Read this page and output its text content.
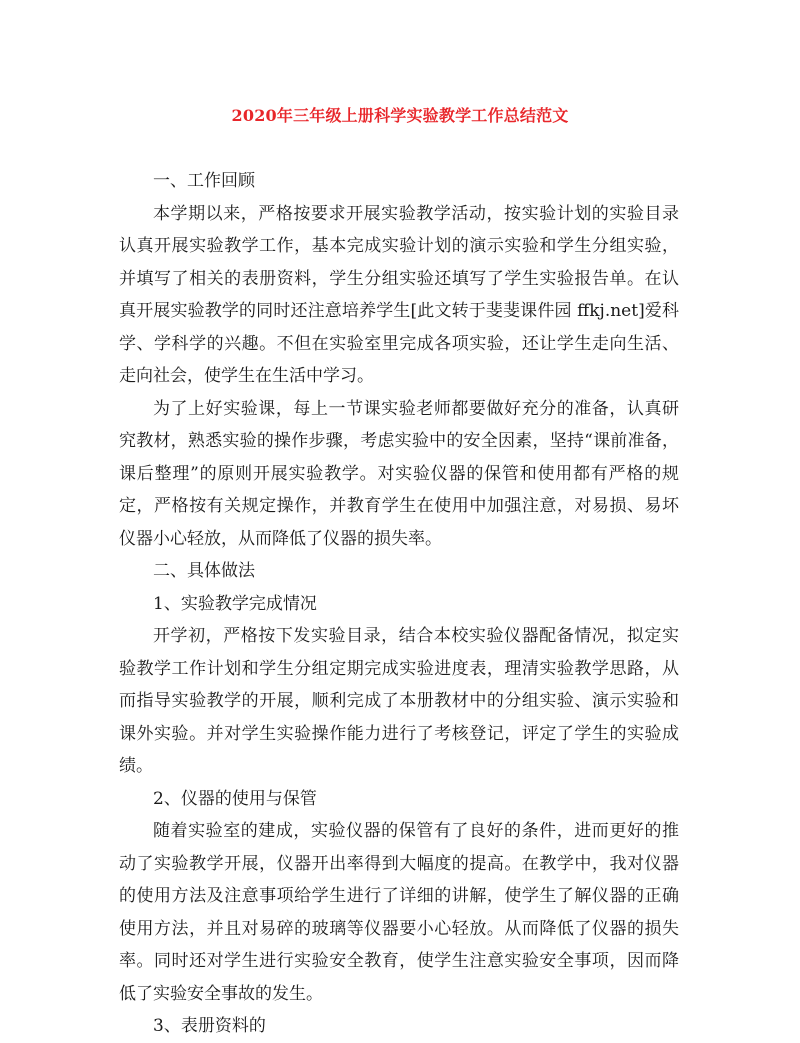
2020年三年级上册科学实验教学工作总结范文

一、工作回顾

本学期以来，严格按要求开展实验教学活动，按实验计划的实验目录认真开展实验教学工作，基本完成实验计划的演示实验和学生分组实验，并填写了相关的表册资料，学生分组实验还填写了学生实验报告单。在认真开展实验教学的同时还注意培养学生[此文转于斐斐课件园 ffkj.net]爱科学、学科学的兴趣。不但在实验室里完成各项实验，还让学生走向生活、走向社会，使学生在生活中学习。

为了上好实验课，每上一节课实验老师都要做好充分的准备，认真研究教材，熟悉实验的操作步骤，考虑实验中的安全因素，坚持“课前准备，课后整理”的原则开展实验教学。对实验仪器的保管和使用都有严格的规定，严格按有关规定操作，并教育学生在使用中加强注意，对易损、易坏仪器小心轻放，从而降低了仪器的损失率。

二、具体做法

1、实验教学完成情况

开学初，严格按下发实验目录，结合本校实验仪器配备情况，拟定实验教学工作计划和学生分组定期完成实验进度表，理清实验教学思路，从而指导实验教学的开展，顺利完成了本册教材中的分组实验、演示实验和课外实验。并对学生实验操作能力进行了考核登记，评定了学生的实验成绩。

2、仪器的使用与保管

随着实验室的建成，实验仪器的保管有了良好的条件，进而更好的推动了实验教学开展，仪器开出率得到大幅度的提高。在教学中，我对仪器的使用方法及注意事项给学生进行了详细的讲解，使学生了解仪器的正确使用方法，并且对易碎的玻璃等仪器要小心轻放。从而降低了仪器的损失率。同时还对学生进行实验安全教育，使学生注意实验安全事项，因而降低了实验安全事故的发生。

3、表册资料的
